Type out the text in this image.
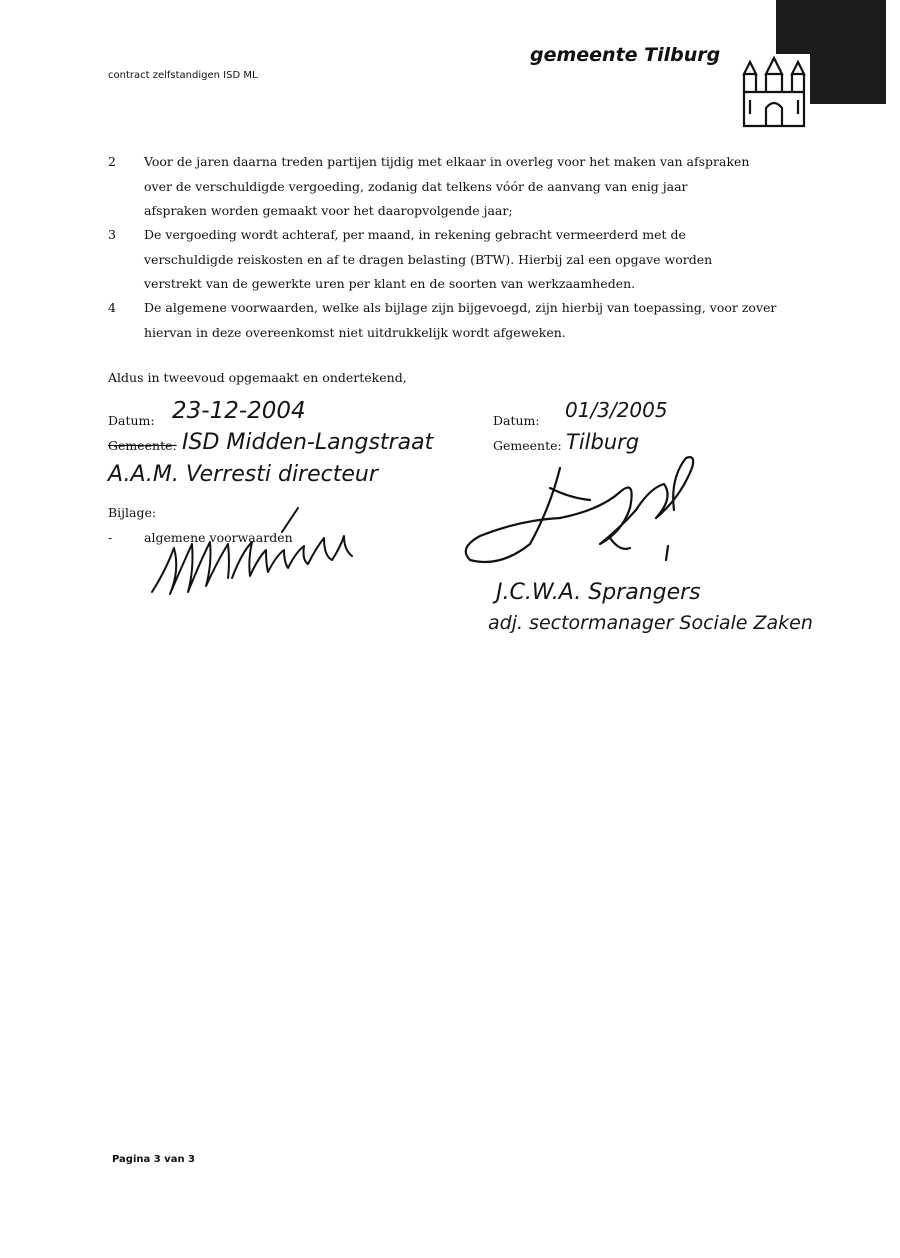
contract zelfstandigen ISD ML
gemeente Tilburg
2	Voor de jaren daarna treden partijen tijdig met elkaar in overleg voor het maken van afspraken
over de verschuldigde vergoeding, zodanig dat telkens vóór de aanvang van enig jaar
afspraken worden gemaakt voor het daaropvolgende jaar;
3	De vergoeding wordt achteraf, per maand, in rekening gebracht vermeerderd met de
verschuldigde reiskosten en af te dragen belasting (BTW). Hierbij zal een opgave worden
verstrekt van de gewerkte uren per klant en de soorten van werkzaamheden.
4	De algemene voorwaarden, welke als bijlage zijn bijgevoegd, zijn hierbij van toepassing, voor zover
hiervan in deze overeenkomst niet uitdrukkelijk wordt afgeweken.
Aldus in tweevoud opgemaakt en ondertekend,
Datum: 23-12-2004
Gemeente: ISD Midden-Langstraat
A.A.M. Verresti directeur
Bijlage:
-	algemene voorwaarden
Datum: 01/3/2005
Gemeente: Tilburg
J.C.W.A. Sprangers
adj. sectormanager Sociale Zaken
Pagina 3 van 3
